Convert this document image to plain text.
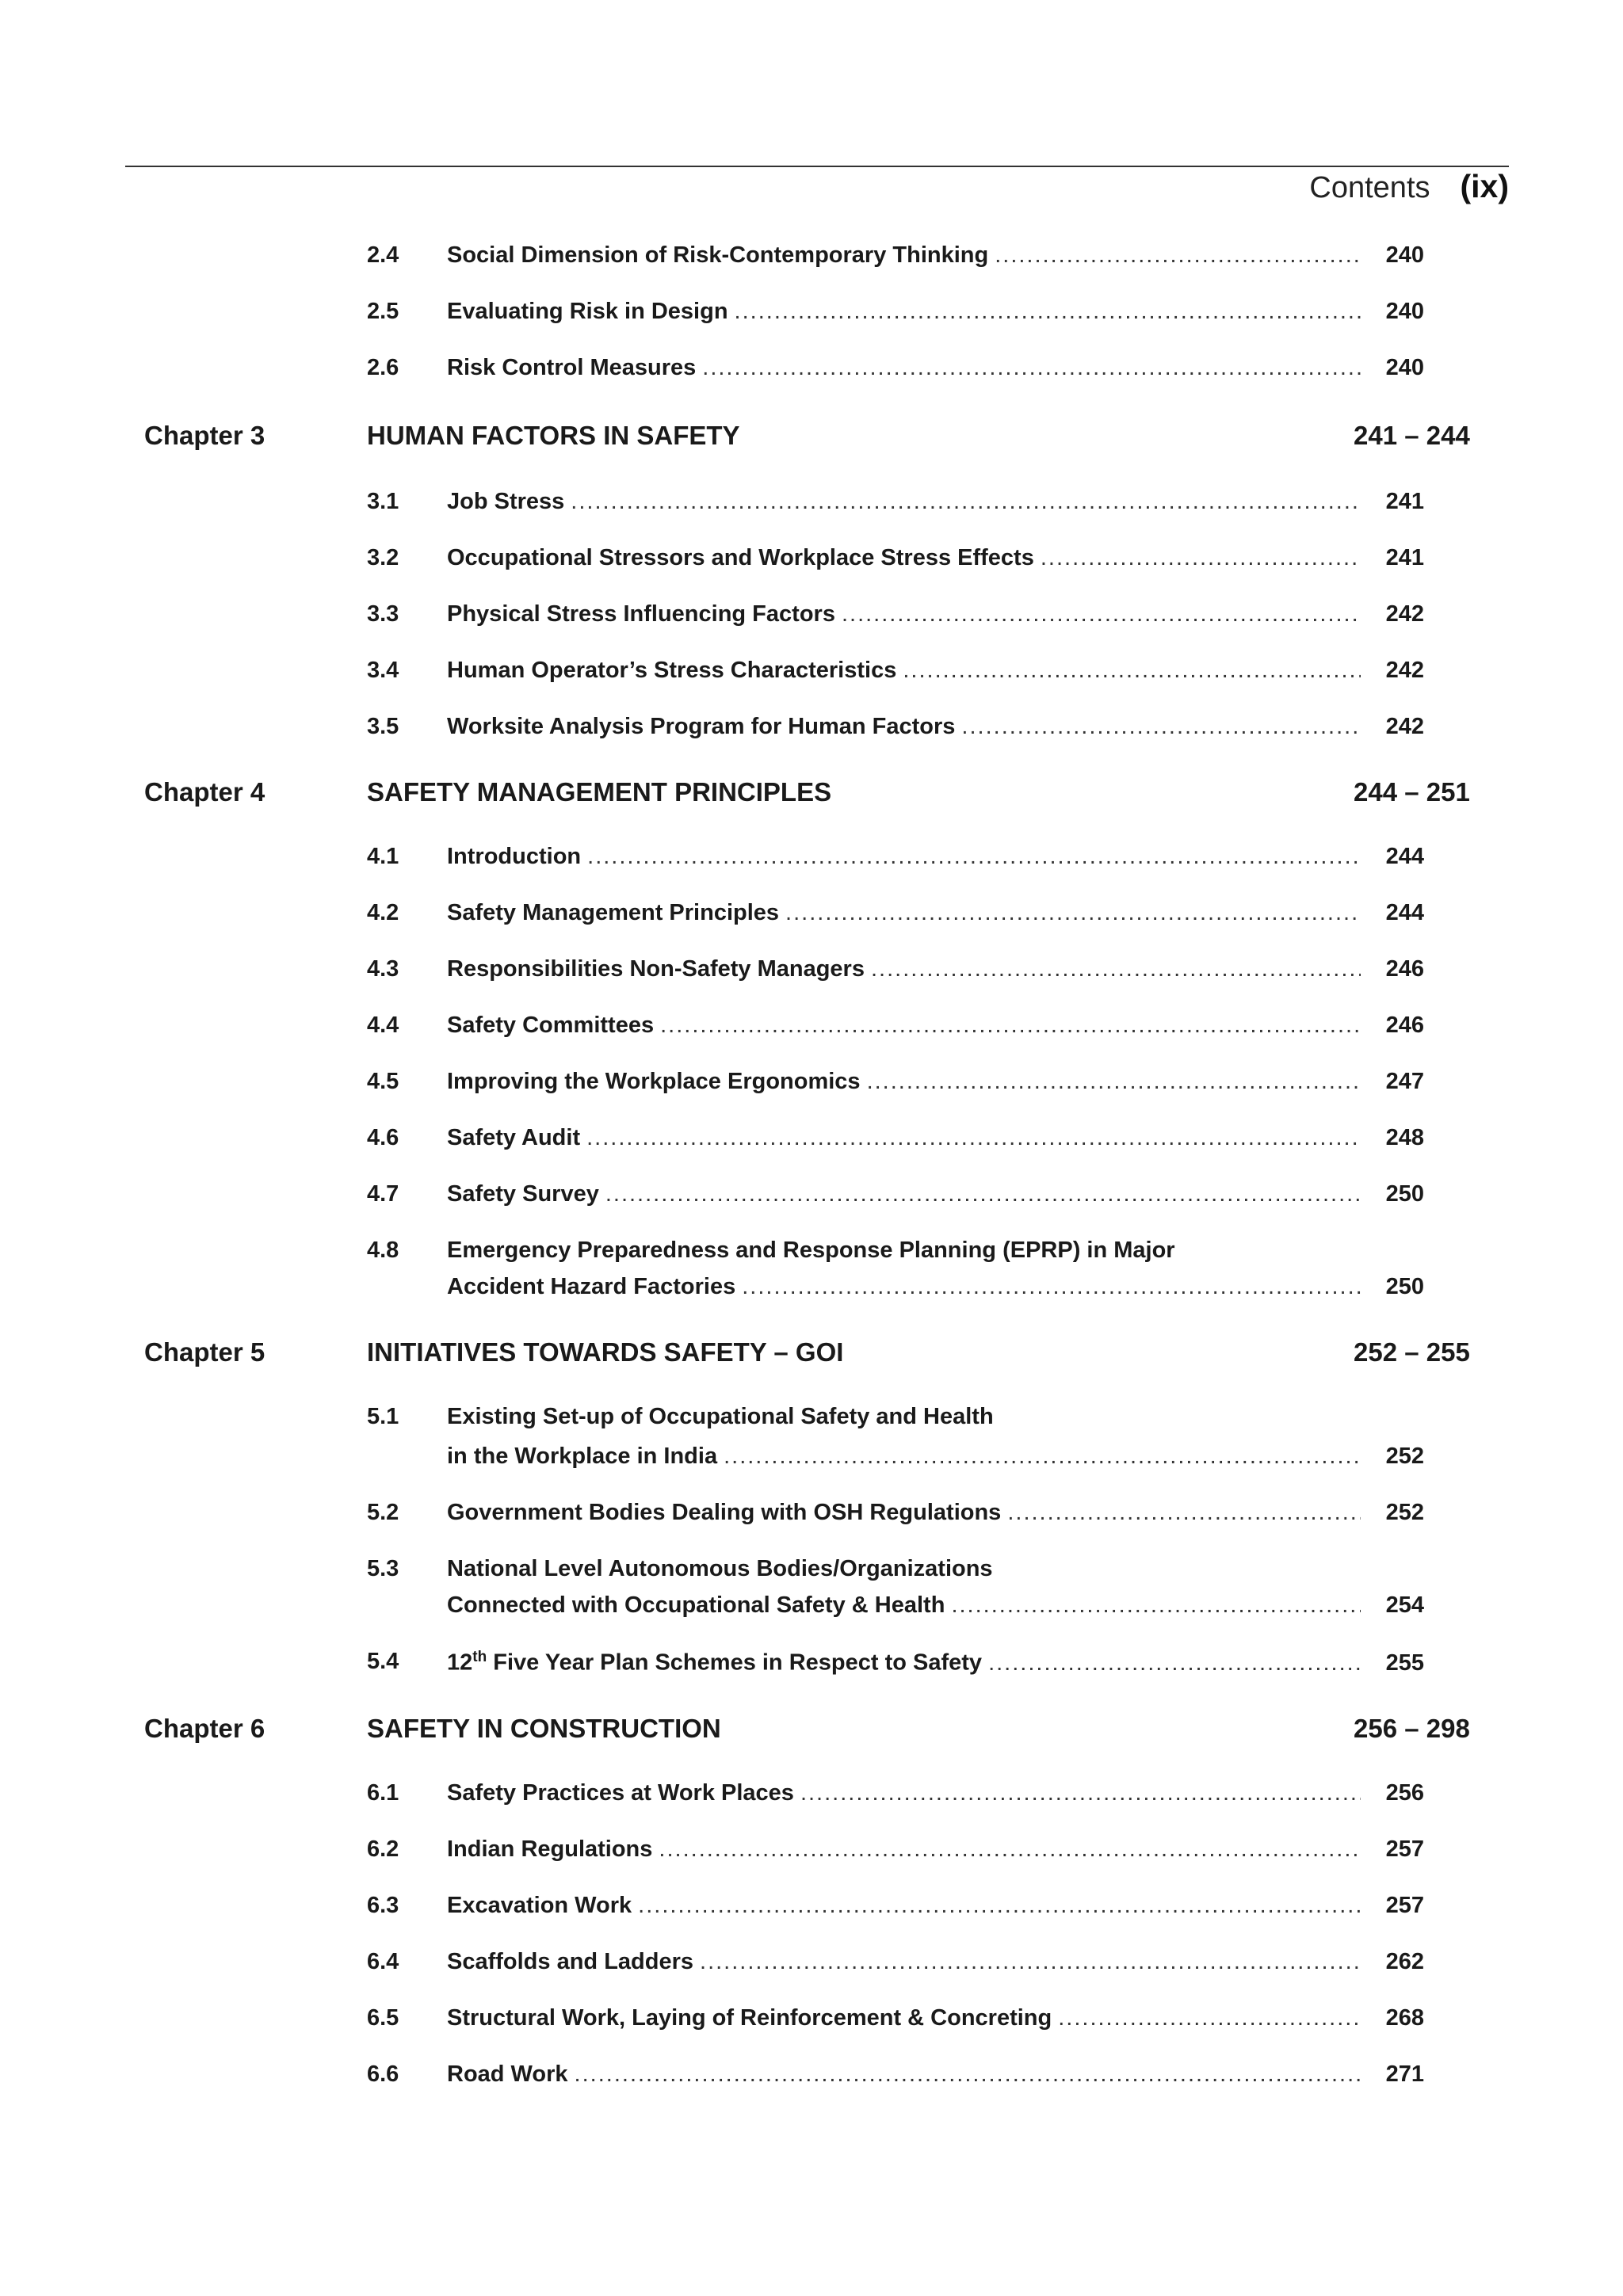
Contents (ix)
2.4 Social Dimension of Risk-Contemporary Thinking .....	240
2.5 Evaluating Risk in Design .....	240
2.6 Risk Control Measures .....	240
Chapter 3	HUMAN FACTORS IN SAFETY	241 – 244
3.1 Job Stress .....	241
3.2 Occupational Stressors and Workplace Stress Effects .....	241
3.3 Physical Stress Influencing Factors .....	242
3.4 Human Operator’s Stress Characteristics .....	242
3.5 Worksite Analysis Program for Human Factors .....	242
Chapter 4	SAFETY MANAGEMENT PRINCIPLES	244 – 251
4.1 Introduction .....	244
4.2 Safety Management Principles .....	244
4.3 Responsibilities Non-Safety Managers .....	246
4.4 Safety Committees .....	246
4.5 Improving the Workplace Ergonomics .....	247
4.6 Safety Audit .....	248
4.7 Safety Survey .....	250
4.8 Emergency Preparedness and Response Planning (EPRP) in Major
Accident Hazard Factories .....	250
Chapter 5	INITIATIVES TOWARDS SAFETY – GOI	252 – 255
5.1 Existing Set-up of Occupational Safety and Health
in the Workplace in India .....	252
5.2 Government Bodies Dealing with OSH Regulations .....	252
5.3 National Level Autonomous Bodies/Organizations
Connected with Occupational Safety & Health .....	254
5.4 12th Five Year Plan Schemes in Respect to Safety .....	255
Chapter 6	SAFETY IN CONSTRUCTION	256 – 298
6.1 Safety Practices at Work Places .....	256
6.2 Indian Regulations .....	257
6.3 Excavation Work .....	257
6.4 Scaffolds and Ladders .....	262
6.5 Structural Work, Laying of Reinforcement & Concreting .....	268
6.6 Road Work .....	271
